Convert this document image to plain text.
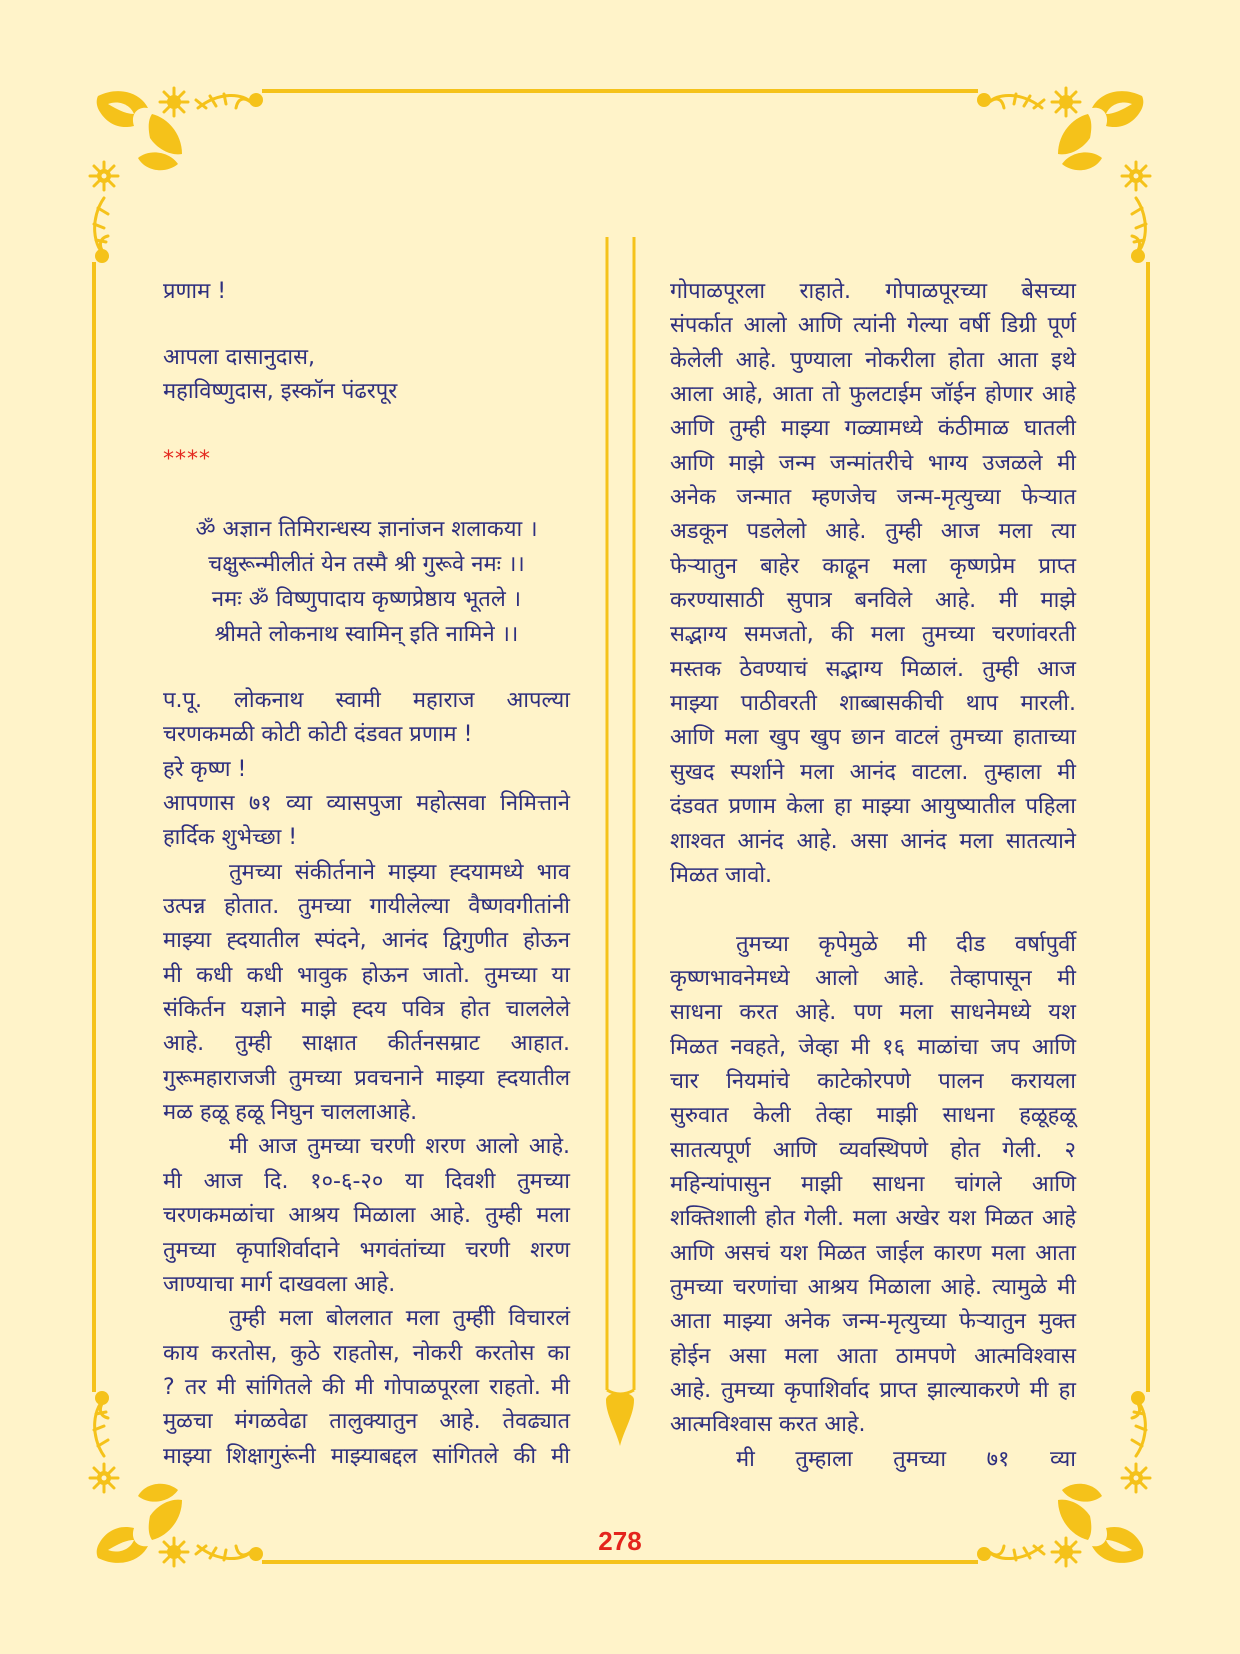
प्रणाम !
आपला दासानुदास,
महाविष्णुदास, इस्कॉन पंढरपूर
****
ॐ अज्ञान तिमिरान्धस्य ज्ञानांजन शलाकया ।
चक्षुरून्मीलीतं येन तस्मै श्री गुरूवे नमः ।।
नमः ॐ विष्णुपादाय कृष्णप्रेष्ठाय भूतले ।
श्रीमते लोकनाथ स्वामिन् इति नामिने ।।
प.पू. लोकनाथ स्वामी महाराज आपल्या
चरणकमळी कोटी कोटी दंडवत प्रणाम !
हरे कृष्ण !
आपणास ७१ व्या व्यासपुजा महोत्सवा निमित्ताने
हार्दिक शुभेच्छा !
तुमच्या संकीर्तनाने माझ्या ह्दयामध्ये भाव
उत्पन्न होतात. तुमच्या गायीलेल्या वैष्णवगीतांनी
माझ्या ह्दयातील स्पंदने, आनंद द्विगुणीत होऊन
मी कधी कधी भावुक होऊन जातो. तुमच्या या
संकिर्तन यज्ञाने माझे ह्दय पवित्र होत चाललेले
आहे. तुम्ही साक्षात कीर्तनसम्राट आहात.
गुरूमहाराजजी तुमच्या प्रवचनाने माझ्या ह्दयातील
मळ हळू हळू निघुन चाललाआहे.
मी आज तुमच्या चरणी शरण आलो आहे.
मी आज दि. १०-६-२० या दिवशी तुमच्या
चरणकमळांचा आश्रय मिळाला आहे. तुम्ही मला
तुमच्या कृपाशिर्वादाने भगवंतांच्या चरणी शरण
जाण्याचा मार्ग दाखवला आहे.
तुम्ही मला बोललात मला तुम्हीी विचारलं
काय करतोस, कुठे राहतोस, नोकरी करतोस का
? तर मी सांगितले की मी गोपाळपूरला राहतो. मी
मुळचा मंगळवेढा तालुक्यातुन आहे. तेवढ्यात
माझ्या शिक्षागुरूंनी माझ्याबद्दल सांगितले की मी
गोपाळपूरला राहाते. गोपाळपूरच्या बेसच्या
संपर्कात आलो आणि त्यांनी गेल्या वर्षी डिग्री पूर्ण
केलेली आहे. पुण्याला नोकरीला होता आता इथे
आला आहे, आता तो फुलटाईम जॉईन होणार आहे
आणि तुम्ही माझ्या गळ्यामध्ये कंठीमाळ घातली
आणि माझे जन्म जन्मांतरीचे भाग्य उजळले मी
अनेक जन्मात म्हणजेच जन्म-मृत्युच्या फेऱ्यात
अडकून पडलेलो आहे. तुम्ही आज मला त्या
फेऱ्यातुन बाहेर काढून मला कृष्णप्रेम प्राप्त
करण्यासाठी सुपात्र बनविले आहे. मी माझे
सद्भाग्य समजतो, की मला तुमच्या चरणांवरती
मस्तक ठेवण्याचं सद्भाग्य मिळालं. तुम्ही आज
माझ्या पाठीवरती शाब्बासकीची थाप मारली.
आणि मला खुप खुप छान वाटलं तुमच्या हाताच्या
सुखद स्पर्शाने मला आनंद वाटला. तुम्हाला मी
दंडवत प्रणाम केला हा माझ्या आयुष्यातील पहिला
शाश्वत आनंद आहे. असा आनंद मला सातत्याने
मिळत जावो.
तुमच्या कृपेमुळे मी दीड वर्षापुर्वी
कृष्णभावनेमध्ये आलो आहे. तेव्हापासून मी
साधना करत आहे. पण मला साधनेमध्ये यश
मिळत नवहते, जेव्हा मी १६ माळांचा जप आणि
चार नियमांचे काटेकोरपणे पालन करायला
सुरुवात केली तेव्हा माझी साधना हळूहळू
सातत्यपूर्ण आणि व्यवस्थिपणे होत गेली. २
महिन्यांपासुन माझी साधना चांगले आणि
शक्तिशाली होत गेली. मला अखेर यश मिळत आहे
आणि असचं यश मिळत जाईल कारण मला आता
तुमच्या चरणांचा आश्रय मिळाला आहे. त्यामुळे मी
आता माझ्या अनेक जन्म-मृत्युच्या फेऱ्यातुन मुक्त
होईन असा मला आता ठामपणे आत्मविश्वास
आहे. तुमच्या कृपाशिर्वाद प्राप्त झाल्याकरणे मी हा
आत्मविश्वास करत आहे.
मी तुम्हाला तुमच्या ७१ व्या
278
